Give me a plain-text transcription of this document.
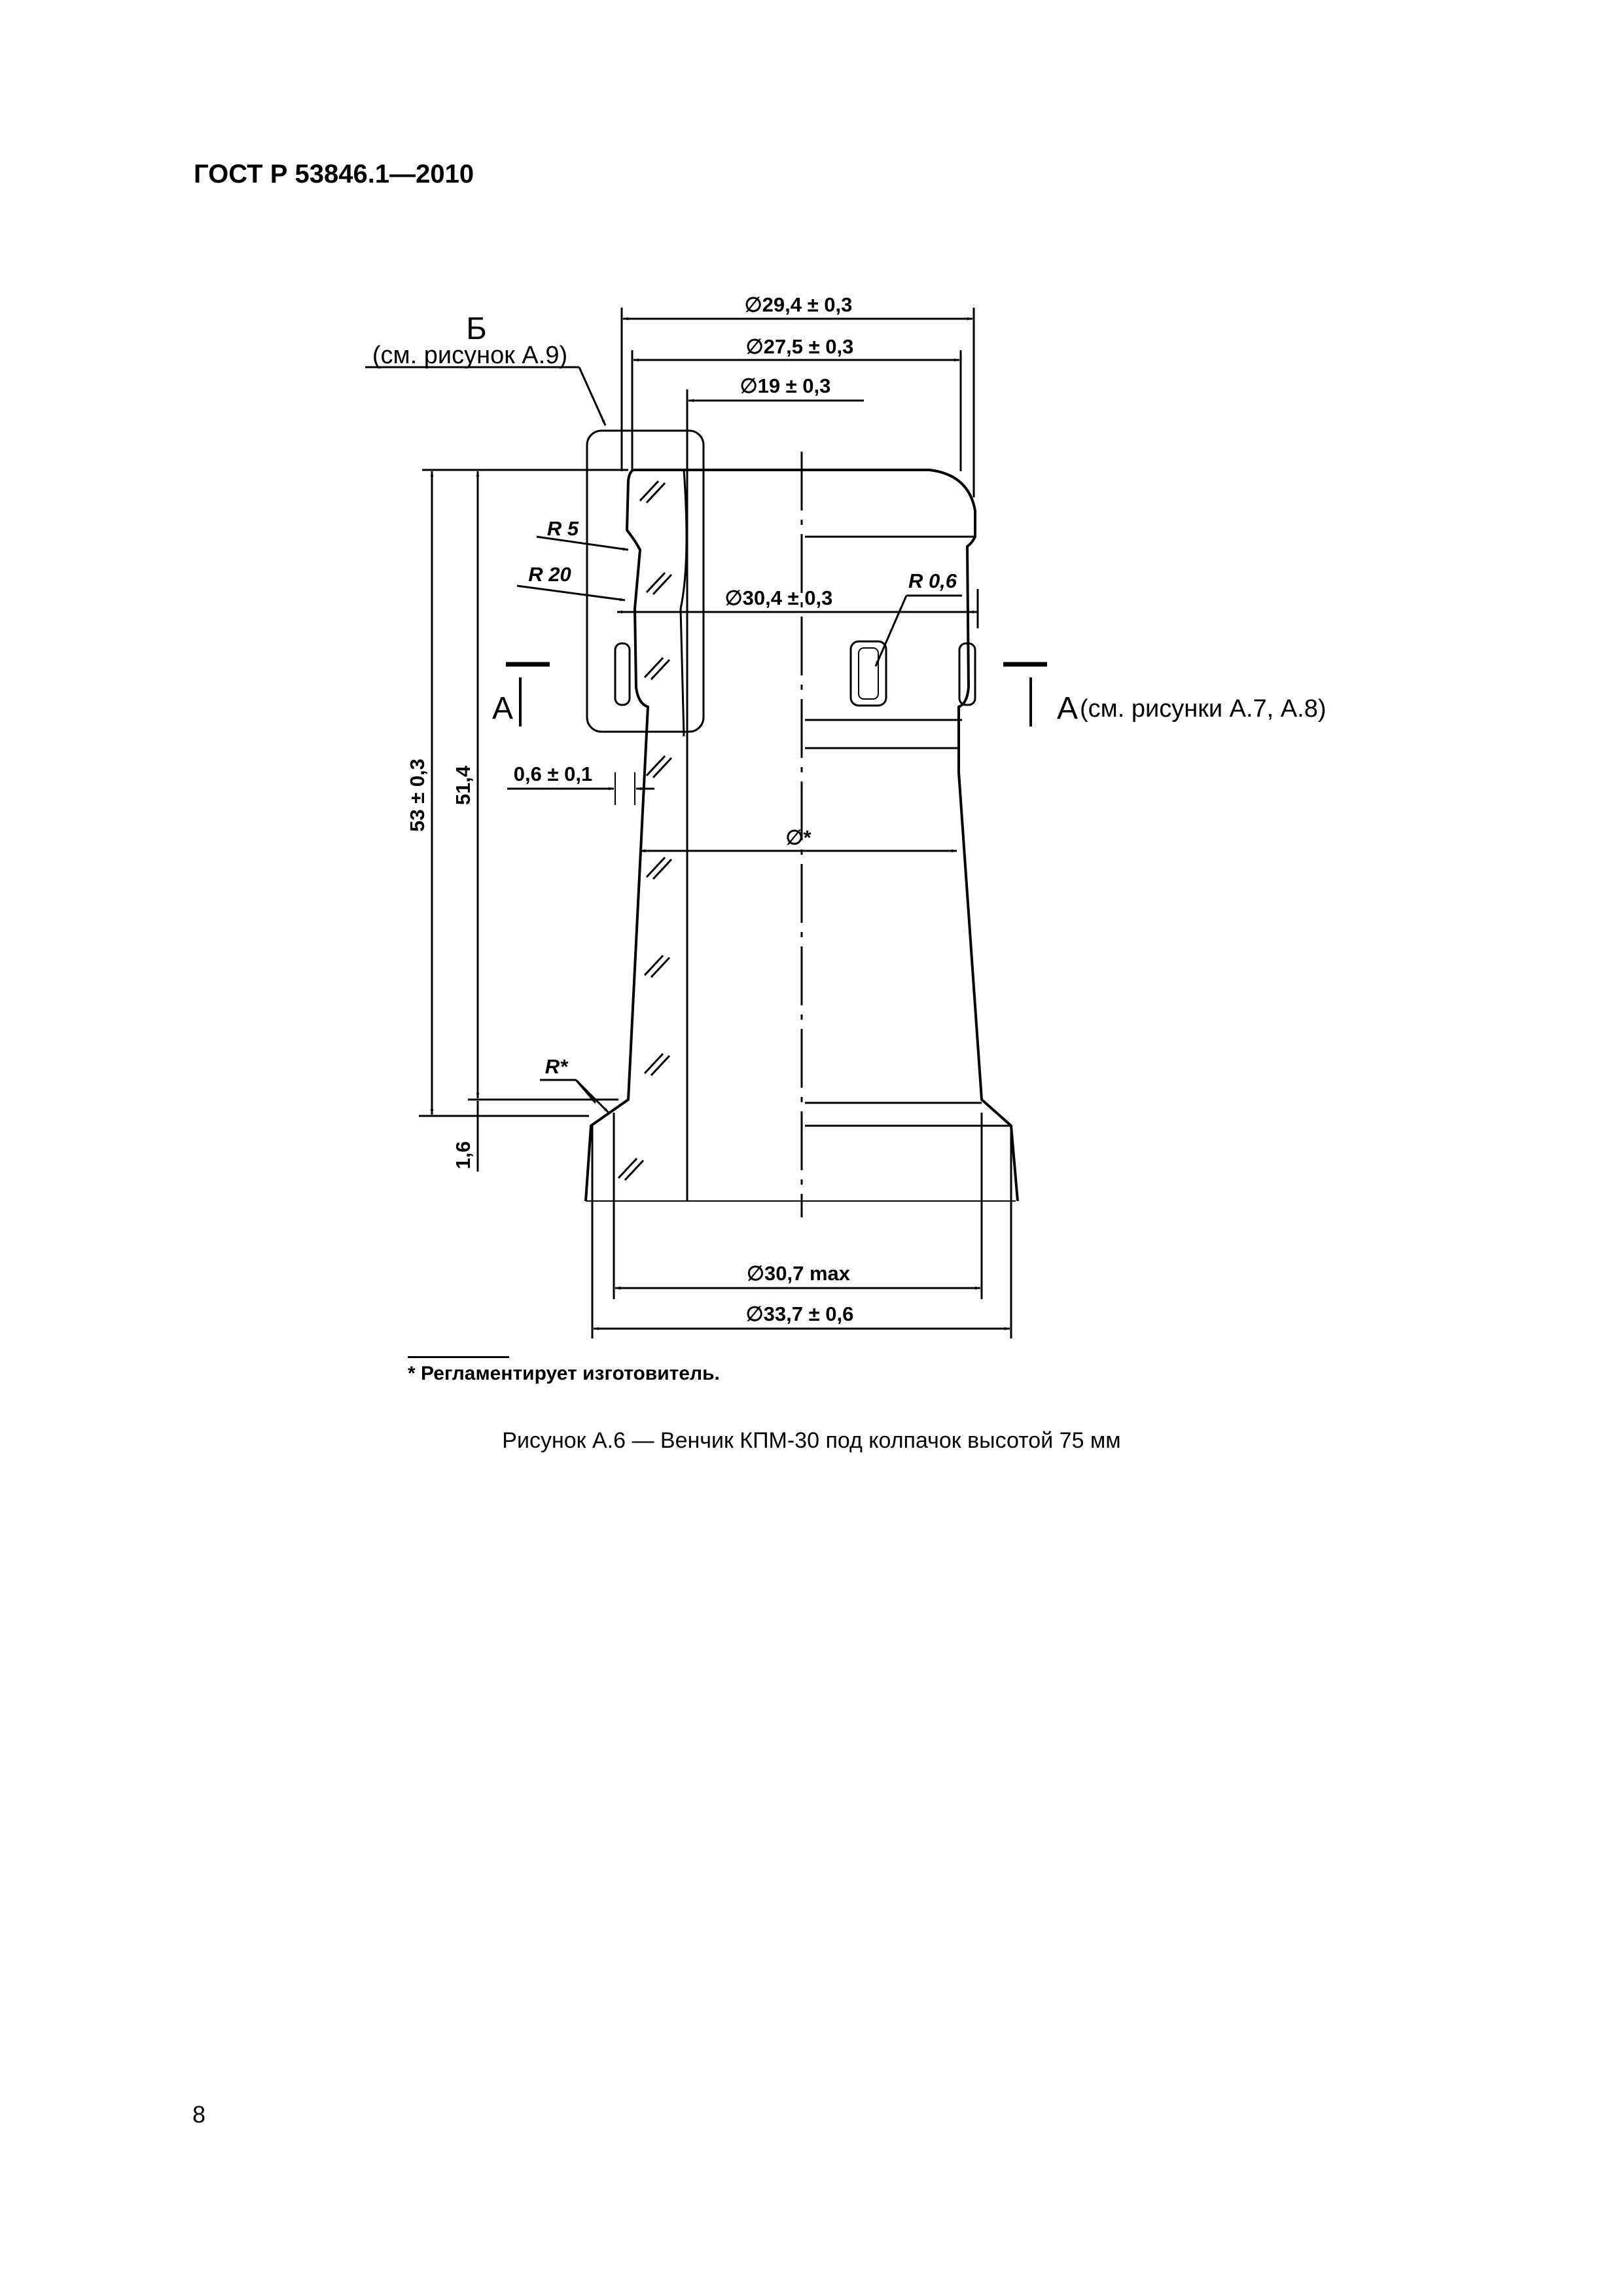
ГОСТ Р 53846.1—2010
Б
(см. рисунок А.9)
∅29,4 ± 0,3
∅27,5 ± 0,3
∅19 ± 0,3
∅30,4 ± 0,3
R 0,6
R 5
R 20
А	А (см. рисунки А.7, А.8)
53 ± 0,3 51,4
1,6
0,6 ± 0,1
∅*
R*
∅30,7 max
∅33,7 ± 0,6
* Регламентирует изготовитель.
Рисунок А.6 — Венчик КПМ-30 под колпачок высотой 75 мм
8
